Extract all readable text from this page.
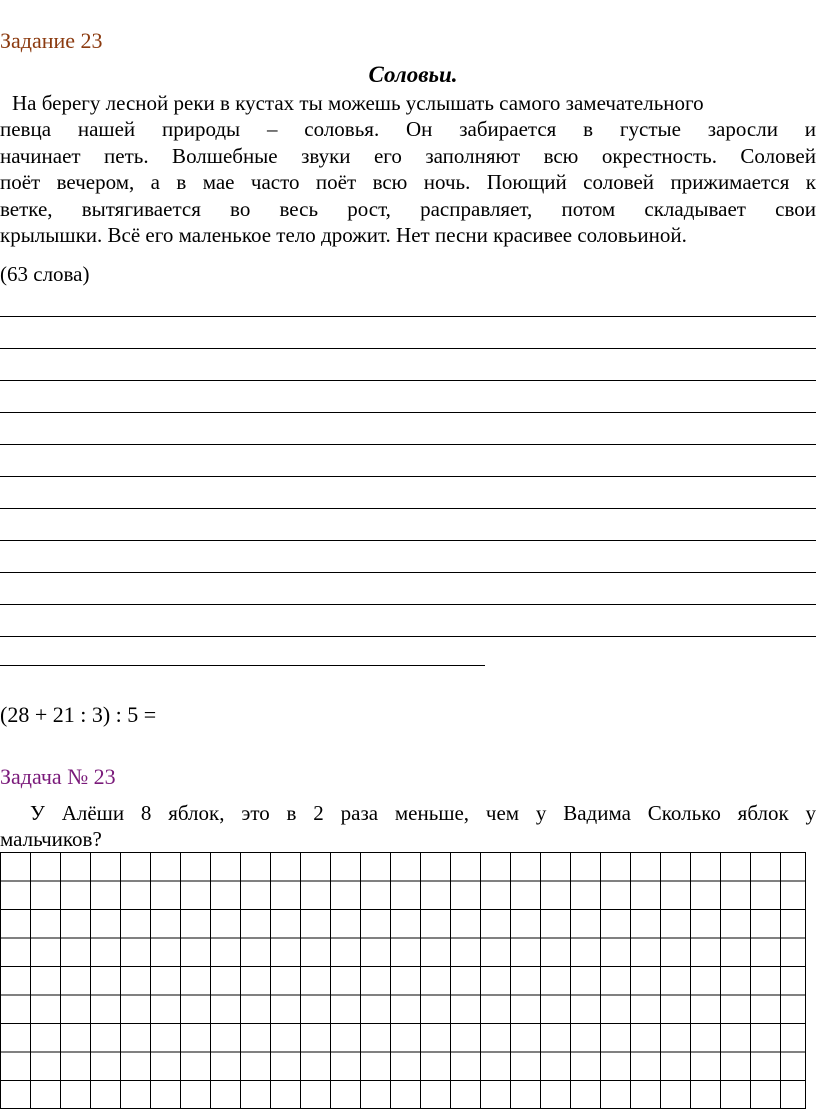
Задание 23
Соловьи.
На берегу лесной реки в кустах ты можешь услышать самого замечательного
певца нашей природы – соловья. Он забирается в густые заросли и
начинает петь. Волшебные звуки его заполняют всю окрестность. Соловей
поёт вечером, а в мае часто поёт всю ночь. Поющий соловей прижимается к
ветке, вытягивается во весь рост, расправляет, потом складывает свои
крылышки. Всё его маленькое тело дрожит. Нет песни красивее соловьиной.
(63 слова)
(28 + 21 : 3) : 5 =
Задача № 23
У Алёши 8 яблок, это в 2 раза меньше, чем у Вадима Сколько яблок у
мальчиков?
